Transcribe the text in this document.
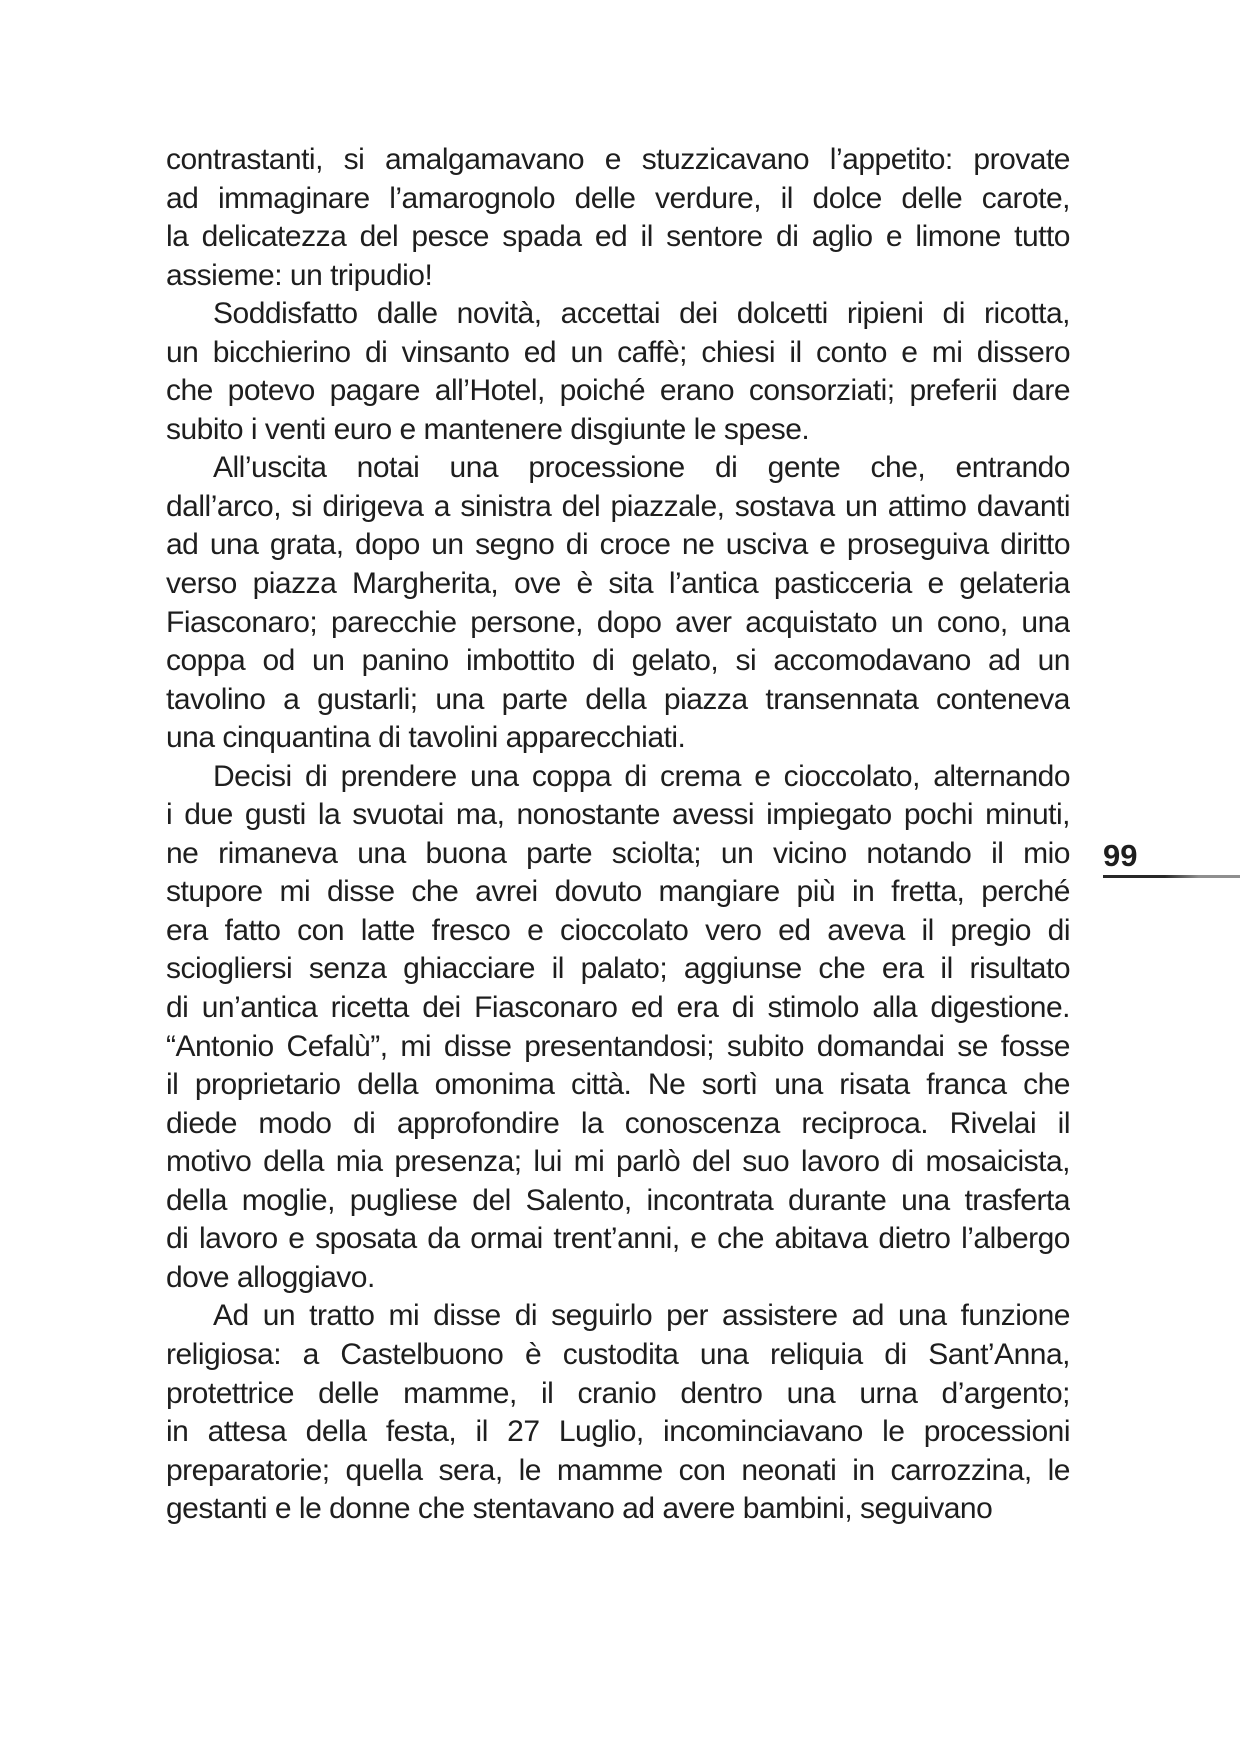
contrastanti, si amalgamavano e stuzzicavano l’appetito: provate
ad immaginare l’amarognolo delle verdure, il dolce delle carote,
la delicatezza del pesce spada ed il sentore di aglio e limone tutto
assieme: un tripudio!
Soddisfatto dalle novità, accettai dei dolcetti ripieni di ricotta,
un bicchierino di vinsanto ed un caffè; chiesi il conto e mi dissero
che potevo pagare all’Hotel, poiché erano consorziati; preferii dare
subito i venti euro e mantenere disgiunte le spese.
All’uscita notai una processione di gente che, entrando
dall’arco, si dirigeva a sinistra del piazzale, sostava un attimo davanti
ad una grata, dopo un segno di croce ne usciva e proseguiva diritto
verso piazza Margherita, ove è sita l’antica pasticceria e gelateria
Fiasconaro; parecchie persone, dopo aver acquistato un cono, una
coppa od un panino imbottito di gelato, si accomodavano ad un
tavolino a gustarli; una parte della piazza transennata conteneva
una cinquantina di tavolini apparecchiati.
Decisi di prendere una coppa di crema e cioccolato, alternando
i due gusti la svuotai ma, nonostante avessi impiegato pochi minuti,
ne rimaneva una buona parte sciolta; un vicino notando il mio
stupore mi disse che avrei dovuto mangiare più in fretta, perché
era fatto con latte fresco e cioccolato vero ed aveva il pregio di
sciogliersi senza ghiacciare il palato; aggiunse che era il risultato
di un’antica ricetta dei Fiasconaro ed era di stimolo alla digestione.
“Antonio Cefalù”, mi disse presentandosi; subito domandai se fosse
il proprietario della omonima città. Ne sortì una risata franca che
diede modo di approfondire la conoscenza reciproca. Rivelai il
motivo della mia presenza; lui mi parlò del suo lavoro di mosaicista,
della moglie, pugliese del Salento, incontrata durante una trasferta
di lavoro e sposata da ormai trent’anni, e che abitava dietro l’albergo
dove alloggiavo.
Ad un tratto mi disse di seguirlo per assistere ad una funzione
religiosa: a Castelbuono è custodita una reliquia di Sant’Anna,
protettrice delle mamme, il cranio dentro una urna d’argento;
in attesa della festa, il 27 Luglio, incominciavano le processioni
preparatorie; quella sera, le mamme con neonati in carrozzina, le
gestanti e le donne che stentavano ad avere bambini, seguivano
99
